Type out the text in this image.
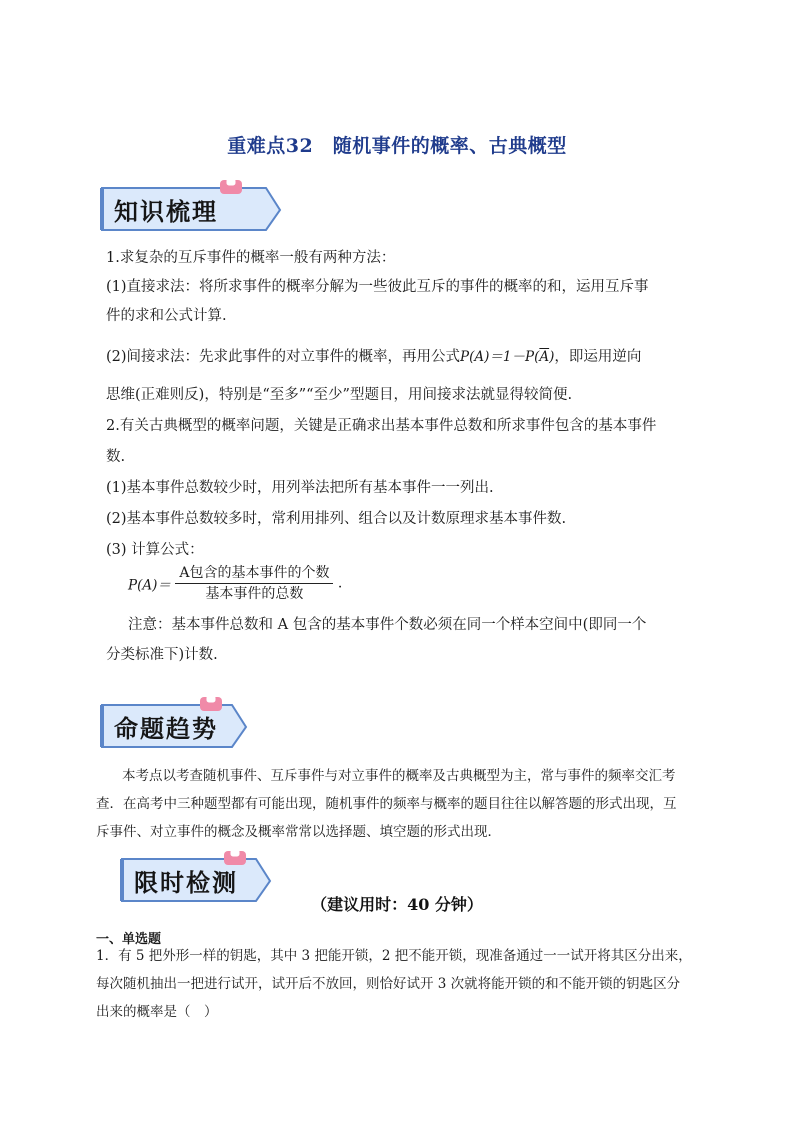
重难点32　随机事件的概率、古典概型
知识梳理
1.求复杂的互斥事件的概率一般有两种方法：
(1)直接求法：将所求事件的概率分解为一些彼此互斥的事件的概率的和，运用互斥事
件的求和公式计算.
(2)间接求法：先求此事件的对立事件的概率，再用公式$P(A)=1-P(\overline{A})$，即运用逆向
思维(正难则反)，特别是“至多”“至少”型题目，用间接求法就显得较简便.
2.有关古典概型的概率问题，关键是正确求出基本事件总数和所求事件包含的基本事件
数.
(1)基本事件总数较少时，用列举法把所有基本事件一一列出.
(2)基本事件总数较多时，常利用排列、组合以及计数原理求基本事件数.
(3) 计算公式：
$P(A)= \frac{\text{A包含的基本事件的个数}}{\text{基本事件的总数}}$ .
注意：基本事件总数和 A 包含的基本事件个数必须在同一个样本空间中(即同一个
分类标准下)计数.
命题趋势
本考点以考查随机事件、互斥事件与对立事件的概率及古典概型为主，常与事件的频率交汇考
查．在高考中三种题型都有可能出现，随机事件的频率与概率的题目往往以解答题的形式出现，互
斥事件、对立事件的概念及概率常常以选择题、填空题的形式出现．
限时检测
（建议用时：40 分钟）
一、单选题
1．有 5 把外形一样的钥匙，其中 3 把能开锁，2 把不能开锁，现准备通过一一试开将其区分出来，
每次随机抽出一把进行试开，试开后不放回，则恰好试开 3 次就将能开锁的和不能开锁的钥匙区分
出来的概率是（　）
